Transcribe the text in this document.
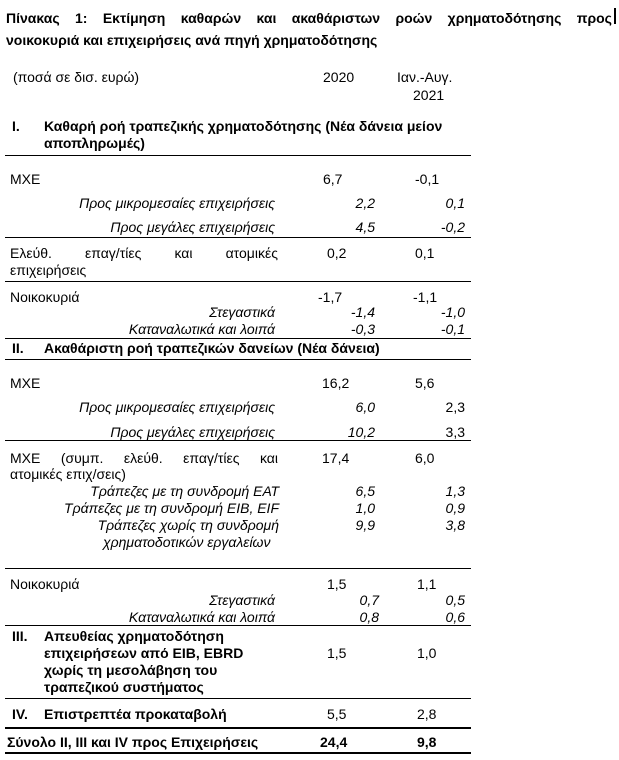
Πίνακας 1: Εκτίμηση καθαρών και ακαθάριστων ροών χρηματοδότησης προς
νοικοκυριά και επιχειρήσεις ανά πηγή χρηματοδότησης
(ποσά σε δισ. ευρώ)	2020	Ιαν.-Αυγ.
2021
I. Καθαρή ροή τραπεζικής χρηματοδότησης (Νέα δάνεια μείον
αποπληρωμές)
ΜΧΕ	6,7	-0,1
Προς μικρομεσαίες επιχειρήσεις	2,2	0,1
Προς μεγάλες επιχειρήσεις	4,5	-0,2
Ελεύθ. επαγ/τίες και ατομικές
επιχειρήσεις
0,2	0,1
Νοικοκυριά	-1,7	-1,1
Στεγαστικά	-1,4	-1,0
Καταναλωτικά και λοιπά	-0,3	-0,1
II. Ακαθάριστη ροή τραπεζικών δανείων (Νέα δάνεια)
ΜΧΕ	16,2	5,6
Προς μικρομεσαίες επιχειρήσεις	6,0	2,3
Προς μεγάλες επιχειρήσεις	10,2	3,3
ΜΧΕ (συμπ. ελεύθ. επαγ/τίες και
ατομικές επιχ/σεις)
17,4	6,0
Τράπεζες με τη συνδρομή ΕΑΤ	6,5	1,3
Τράπεζες με τη συνδρομή EIB, EIF	1,0	0,9
Τράπεζες χωρίς τη συνδρομή
χρηματοδοτικών εργαλείων
9,9	3,8
Νοικοκυριά	1,5	1,1
Στεγαστικά	0,7	0,5
Καταναλωτικά και λοιπά	0,8	0,6
III. Απευθείας χρηματοδότηση
επιχειρήσεων από EIB, EBRD
χωρίς τη μεσολάβηση του
τραπεζικού συστήματος
1,5	1,0
IV. Επιστρεπτέα προκαταβολή	5,5	2,8
Σύνολο II, III και IV προς Επιχειρήσεις	24,4	9,8
